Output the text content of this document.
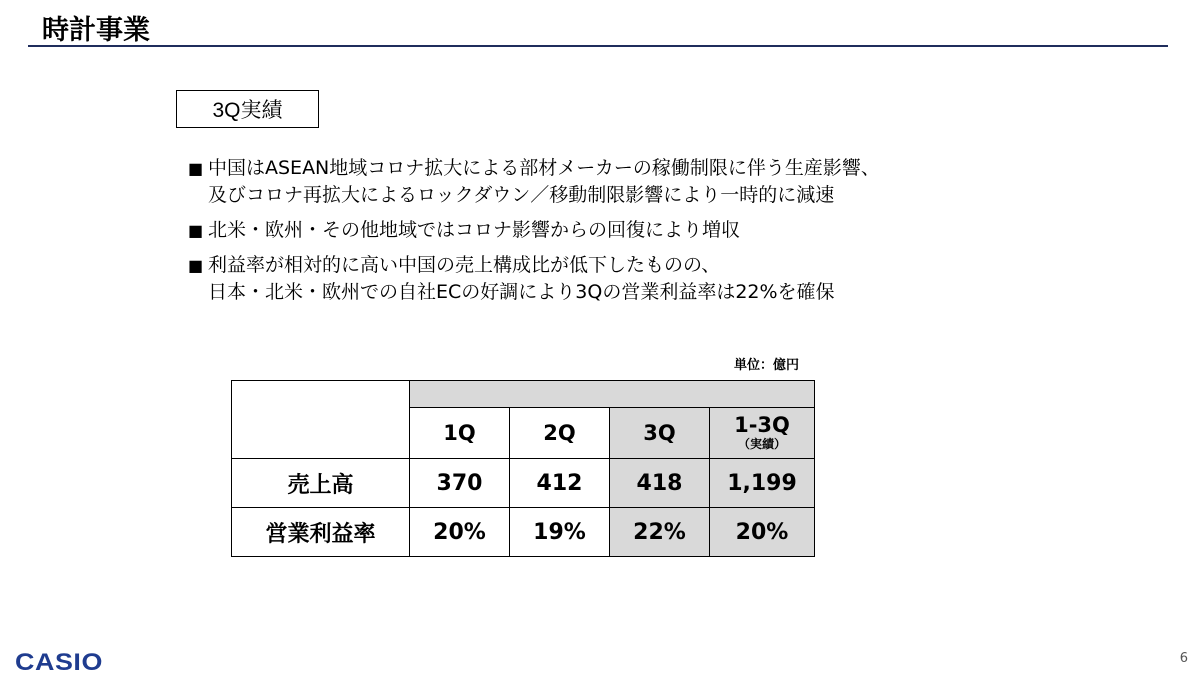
時計事業
3Q実績
■ 中国はASEAN地域コロナ拡大による部材メーカーの稼働制限に伴う生産影響、
及びコロナ再拡大によるロックダウン／移動制限影響により一時的に減速
■ 北米・欧州・その他地域ではコロナ影響からの回復により増収
■ 利益率が相対的に高い中国の売上構成比が低下したものの、
日本・北米・欧州での自社ECの好調により3Qの営業利益率は22%を確保
単位：億円

	1Q	2Q	3Q	1-3Q
（実績）

売上高	370	412	418	1,199
営業利益率	20%	19%	22%	20%
CASIO	6
